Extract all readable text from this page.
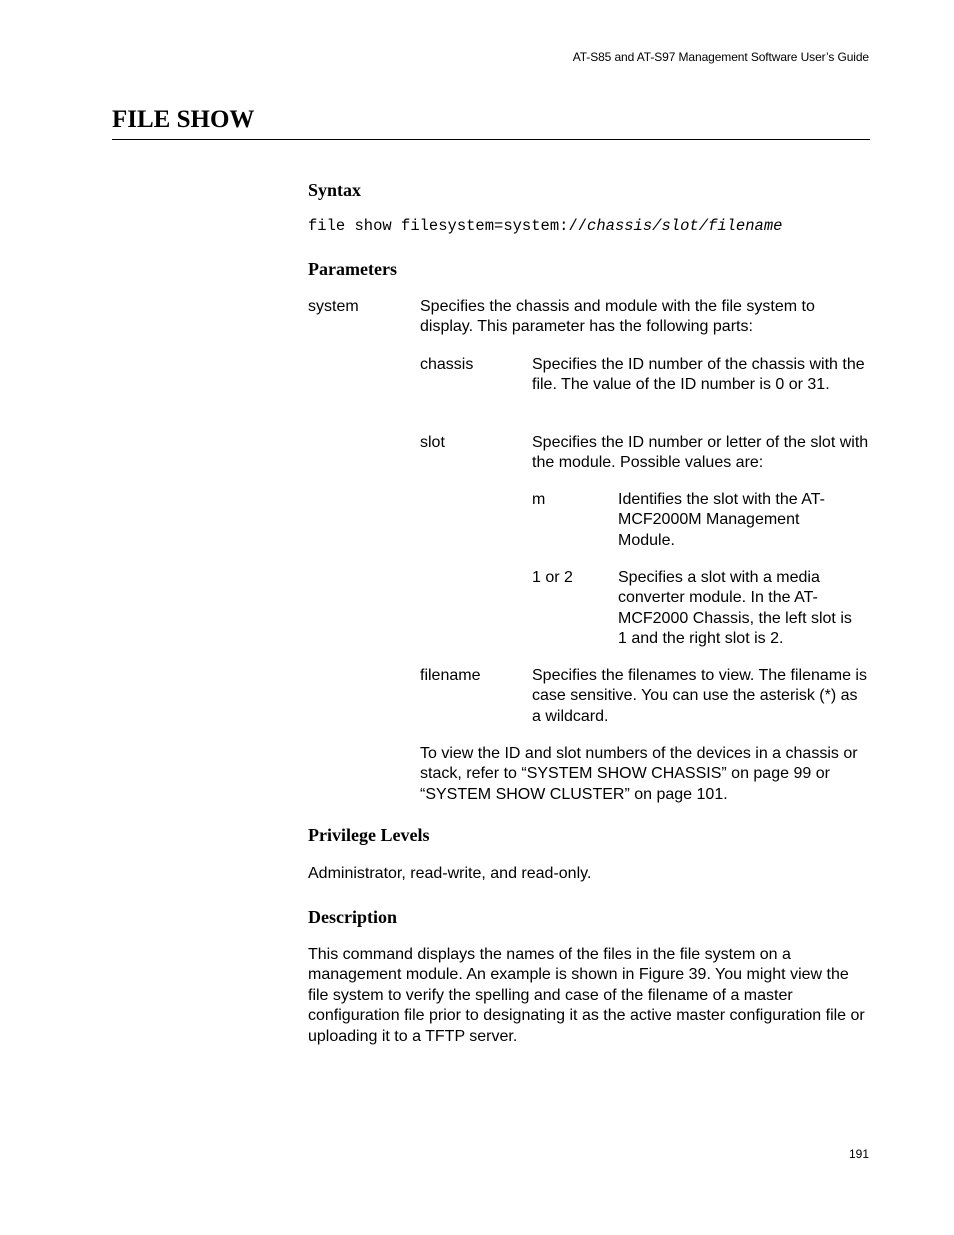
AT-S85 and AT-S97 Management Software User’s Guide
FILE SHOW
Syntax
file show filesystem=system://chassis/slot/filename
Parameters
system	Specifies the chassis and module with the file system to display. This parameter has the following parts:
chassis	Specifies the ID number of the chassis with the file. The value of the ID number is 0 or 31.
slot	Specifies the ID number or letter of the slot with the module. Possible values are:
m	Identifies the slot with the AT-MCF2000M Management Module.
1 or 2	Specifies a slot with a media converter module. In the AT-MCF2000 Chassis, the left slot is 1 and the right slot is 2.
filename	Specifies the filenames to view. The filename is case sensitive. You can use the asterisk (*) as a wildcard.
To view the ID and slot numbers of the devices in a chassis or stack, refer to “SYSTEM SHOW CHASSIS” on page 99 or “SYSTEM SHOW CLUSTER” on page 101.
Privilege Levels
Administrator, read-write, and read-only.
Description
This command displays the names of the files in the file system on a management module. An example is shown in Figure 39. You might view the file system to verify the spelling and case of the filename of a master configuration file prior to designating it as the active master configuration file or uploading it to a TFTP server.
191
